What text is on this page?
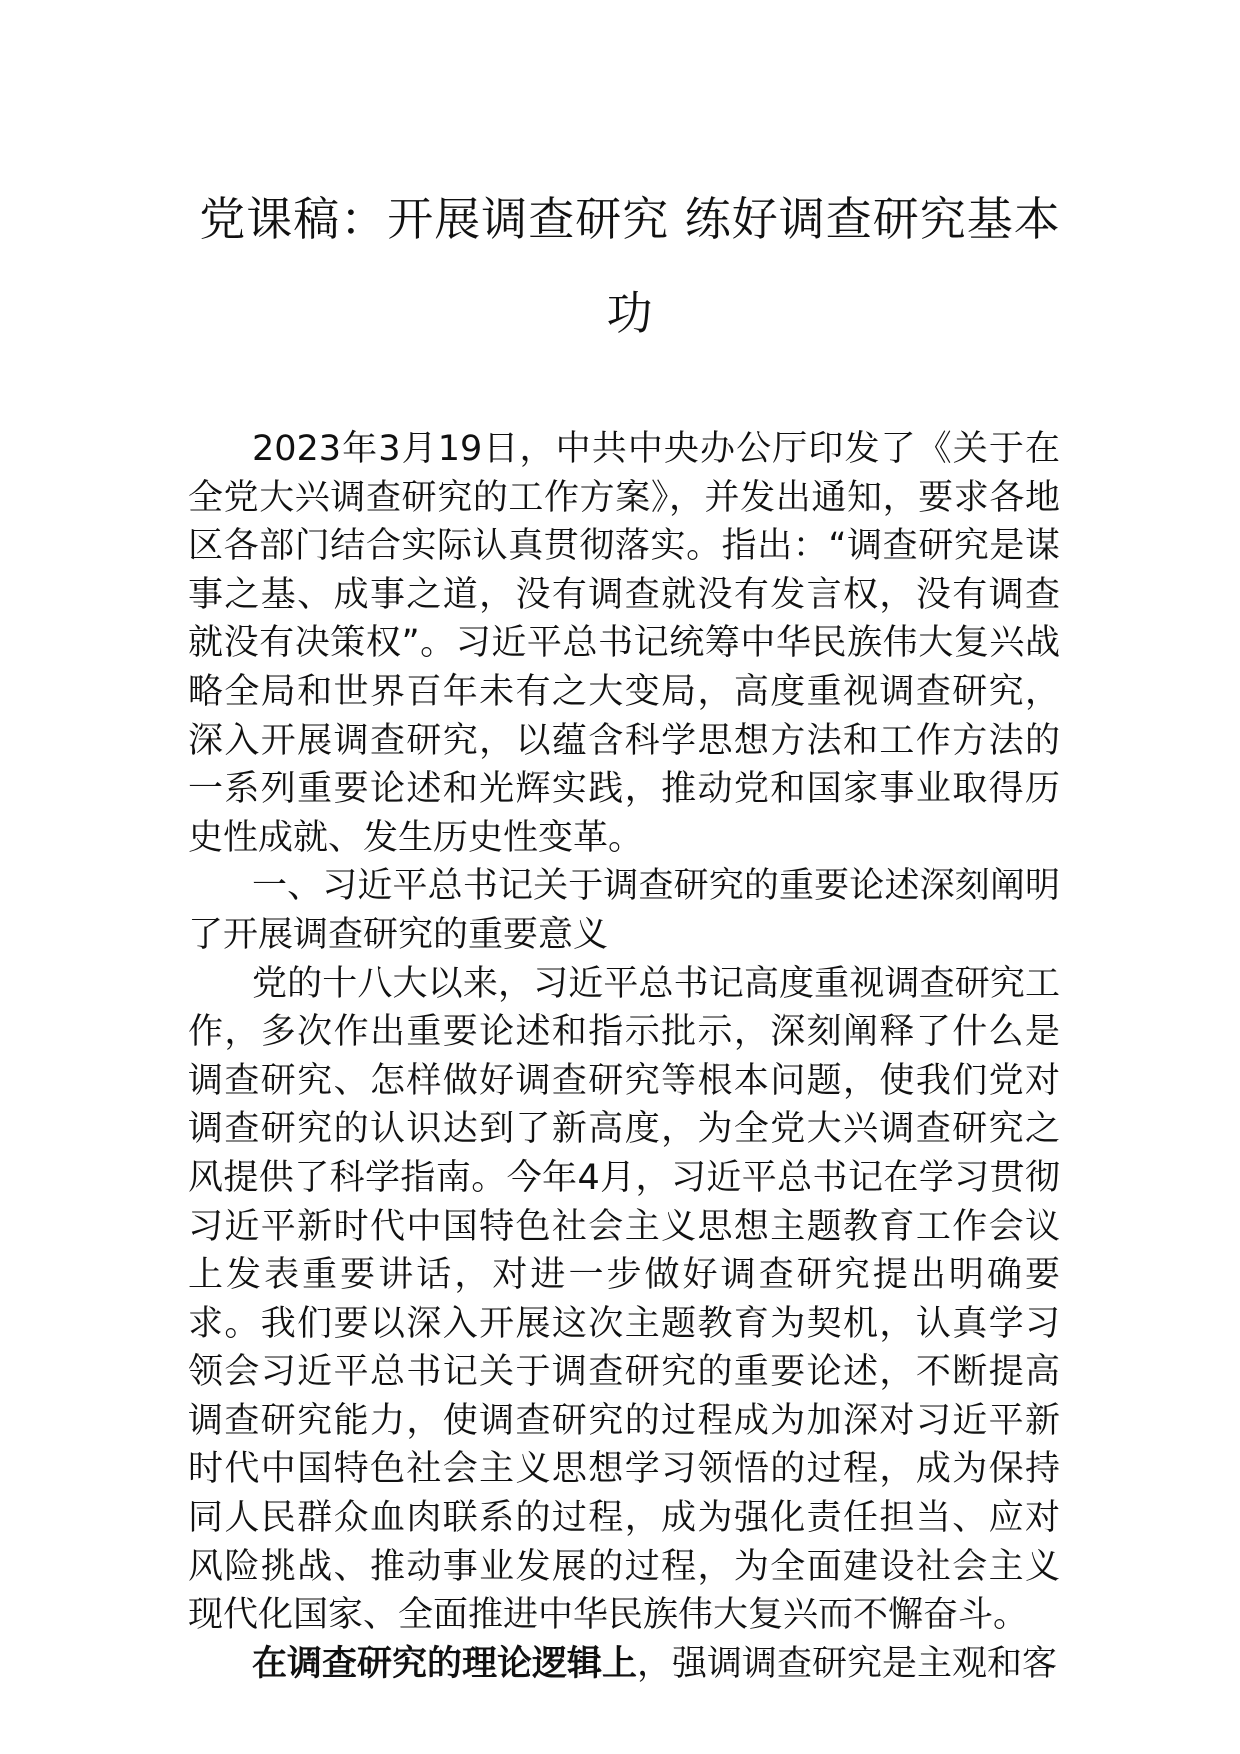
党课稿：开展调查研究 练好调查研究基本
功

2023年3月19日，中共中央办公厅印发了《关于在全党大兴调查研究的工作方案》，并发出通知，要求各地区各部门结合实际认真贯彻落实。指出：“调查研究是谋事之基、成事之道，没有调查就没有发言权，没有调查就没有决策权”。习近平总书记统筹中华民族伟大复兴战略全局和世界百年未有之大变局，高度重视调查研究，深入开展调查研究，以蕴含科学思想方法和工作方法的一系列重要论述和光辉实践，推动党和国家事业取得历史性成就、发生历史性变革。

一、习近平总书记关于调查研究的重要论述深刻阐明了开展调查研究的重要意义

党的十八大以来，习近平总书记高度重视调查研究工作，多次作出重要论述和指示批示，深刻阐释了什么是调查研究、怎样做好调查研究等根本问题，使我们党对调查研究的认识达到了新高度，为全党大兴调查研究之风提供了科学指南。今年4月，习近平总书记在学习贯彻习近平新时代中国特色社会主义思想主题教育工作会议上发表重要讲话，对进一步做好调查研究提出明确要求。我们要以深入开展这次主题教育为契机，认真学习领会习近平总书记关于调查研究的重要论述，不断提高调查研究能力，使调查研究的过程成为加深对习近平新时代中国特色社会主义思想学习领悟的过程，成为保持同人民群众血肉联系的过程，成为强化责任担当、应对风险挑战、推动事业发展的过程，为全面建设社会主义现代化国家、全面推进中华民族伟大复兴而不懈奋斗。

在调查研究的理论逻辑上，强调调查研究是主观和客
